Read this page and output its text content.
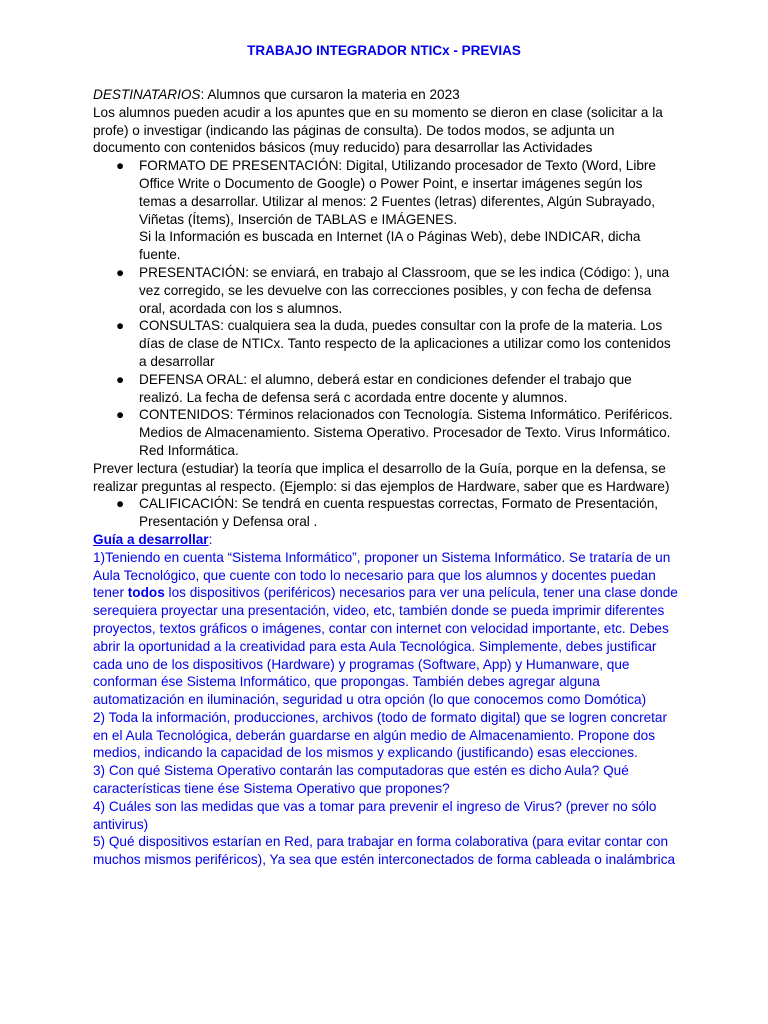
TRABAJO INTEGRADOR NTICx - PREVIAS

DESTINATARIOS: Alumnos que cursaron la materia en 2023

Los alumnos pueden acudir a los apuntes que en su momento se dieron en clase (solicitar a la profe) o investigar (indicando las páginas de consulta). De todos modos, se adjunta un documento con contenidos básicos (muy reducido) para desarrollar las Actividades

● FORMATO DE PRESENTACIÓN: Digital, Utilizando procesador de Texto (Word, Libre Office Write o Documento de Google) o Power Point, e insertar imágenes según los temas a desarrollar. Utilizar al menos: 2 Fuentes (letras) diferentes, Algún Subrayado, Viñetas (Ítems), Inserción de TABLAS e IMÁGENES.
Si la Información es buscada en Internet (IA o Páginas Web), debe INDICAR, dicha fuente.
● PRESENTACIÓN: se enviará, en trabajo al Classroom, que se les indica (Código: ), una vez corregido, se les devuelve con las correcciones posibles, y con fecha de defensa oral, acordada con los s alumnos.
● CONSULTAS: cualquiera sea la duda, puedes consultar con la profe de la materia. Los días de clase de NTICx. Tanto respecto de la aplicaciones a utilizar como los contenidos a desarrollar
● DEFENSA ORAL: el alumno, deberá estar en condiciones defender el trabajo que realizó. La fecha de defensa será c acordada entre docente y alumnos.
● CONTENIDOS: Términos relacionados con Tecnología. Sistema Informático. Periféricos. Medios de Almacenamiento. Sistema Operativo. Procesador de Texto. Virus Informático. Red Informática.

Prever lectura (estudiar) la teoría que implica el desarrollo de la Guía, porque en la defensa, se realizar preguntas al respecto. (Ejemplo: si das ejemplos de Hardware, saber que es Hardware)

● CALIFICACIÓN: Se tendrá en cuenta respuestas correctas, Formato de Presentación, Presentación y Defensa oral .

Guía a desarrollar:

1)Teniendo en cuenta “Sistema Informático”, proponer un Sistema Informático. Se trataría de un Aula Tecnológico, que cuente con todo lo necesario para que los alumnos y docentes puedan tener todos los dispositivos (periféricos) necesarios para ver una película, tener una clase donde serequiera proyectar una presentación, video, etc, también donde se pueda imprimir diferentes proyectos, textos gráficos o imágenes, contar con internet con velocidad importante, etc. Debes abrir la oportunidad a la creatividad para esta Aula Tecnológica. Simplemente, debes justificar cada uno de los dispositivos (Hardware) y programas (Software, App) y Humanware, que conforman ése Sistema Informático, que propongas. También debes agregar alguna automatización en iluminación, seguridad u otra opción (lo que conocemos como Domótica)

2) Toda la información, producciones, archivos (todo de formato digital) que se logren concretar en el Aula Tecnológica, deberán guardarse en algún medio de Almacenamiento. Propone dos medios, indicando la capacidad de los mismos y explicando (justificando) esas elecciones.

3) Con qué Sistema Operativo contarán las computadoras que estén es dicho Aula? Qué características tiene ése Sistema Operativo que propones?

4) Cuáles son las medidas que vas a tomar para prevenir el ingreso de Virus? (prever no sólo antivirus)

5) Qué dispositivos estarían en Red, para trabajar en forma colaborativa (para evitar contar con muchos mismos periféricos), Ya sea que estén interconectados de forma cableada o inalámbrica
